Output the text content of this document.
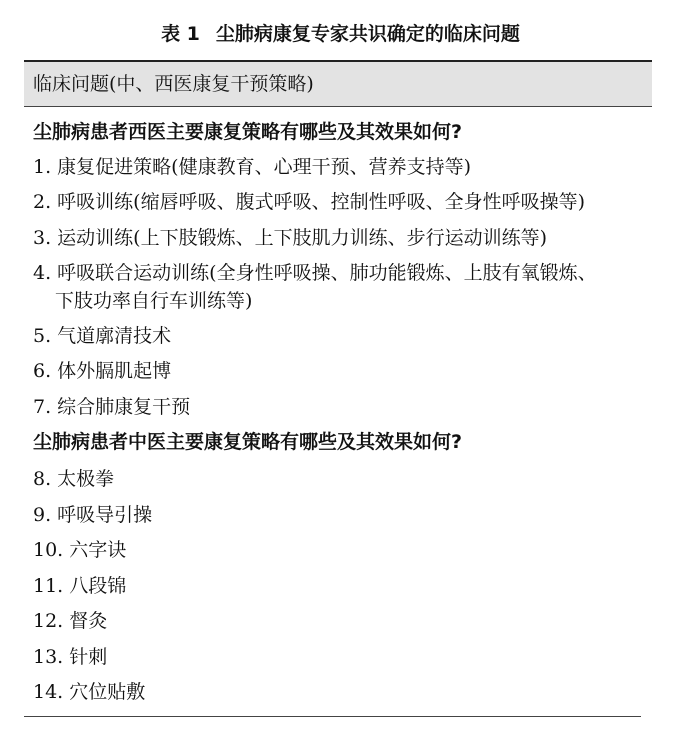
表 1 尘肺病康复专家共识确定的临床问题
临床问题(中、西医康复干预策略)
尘肺病患者西医主要康复策略有哪些及其效果如何?
1. 康复促进策略(健康教育、心理干预、营养支持等)
2. 呼吸训练(缩唇呼吸、腹式呼吸、控制性呼吸、全身性呼吸操等)
3. 运动训练(上下肢锻炼、上下肢肌力训练、步行运动训练等)
4. 呼吸联合运动训练(全身性呼吸操、肺功能锻炼、上肢有氧锻炼、
下肢功率自行车训练等)
5. 气道廓清技术
6. 体外膈肌起博
7. 综合肺康复干预
尘肺病患者中医主要康复策略有哪些及其效果如何?
8. 太极拳
9. 呼吸导引操
10. 六字诀
11. 八段锦
12. 督灸
13. 针刺
14. 穴位贴敷
